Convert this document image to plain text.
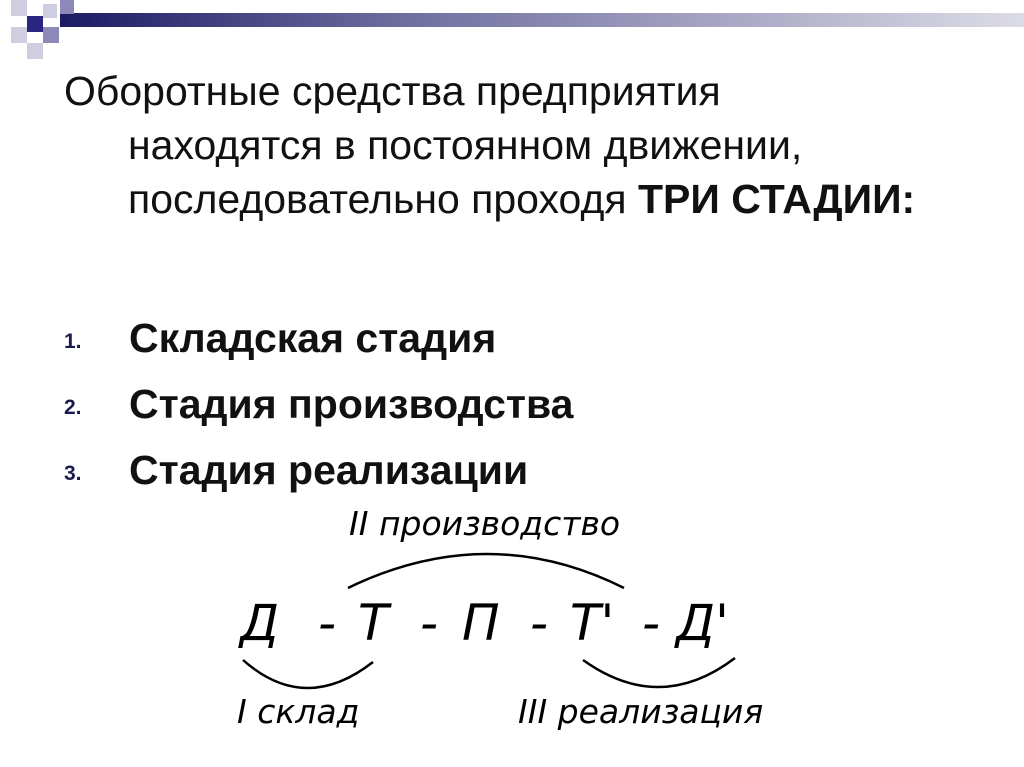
Оборотные средства предприятия
находятся в постоянном движении,
последовательно проходя ТРИ СТАДИИ:

1. Складская стадия
2. Стадия производства
3. Стадия реализации
II производство
Д - Т - П - Т' - Д'
I склад	III реализация
